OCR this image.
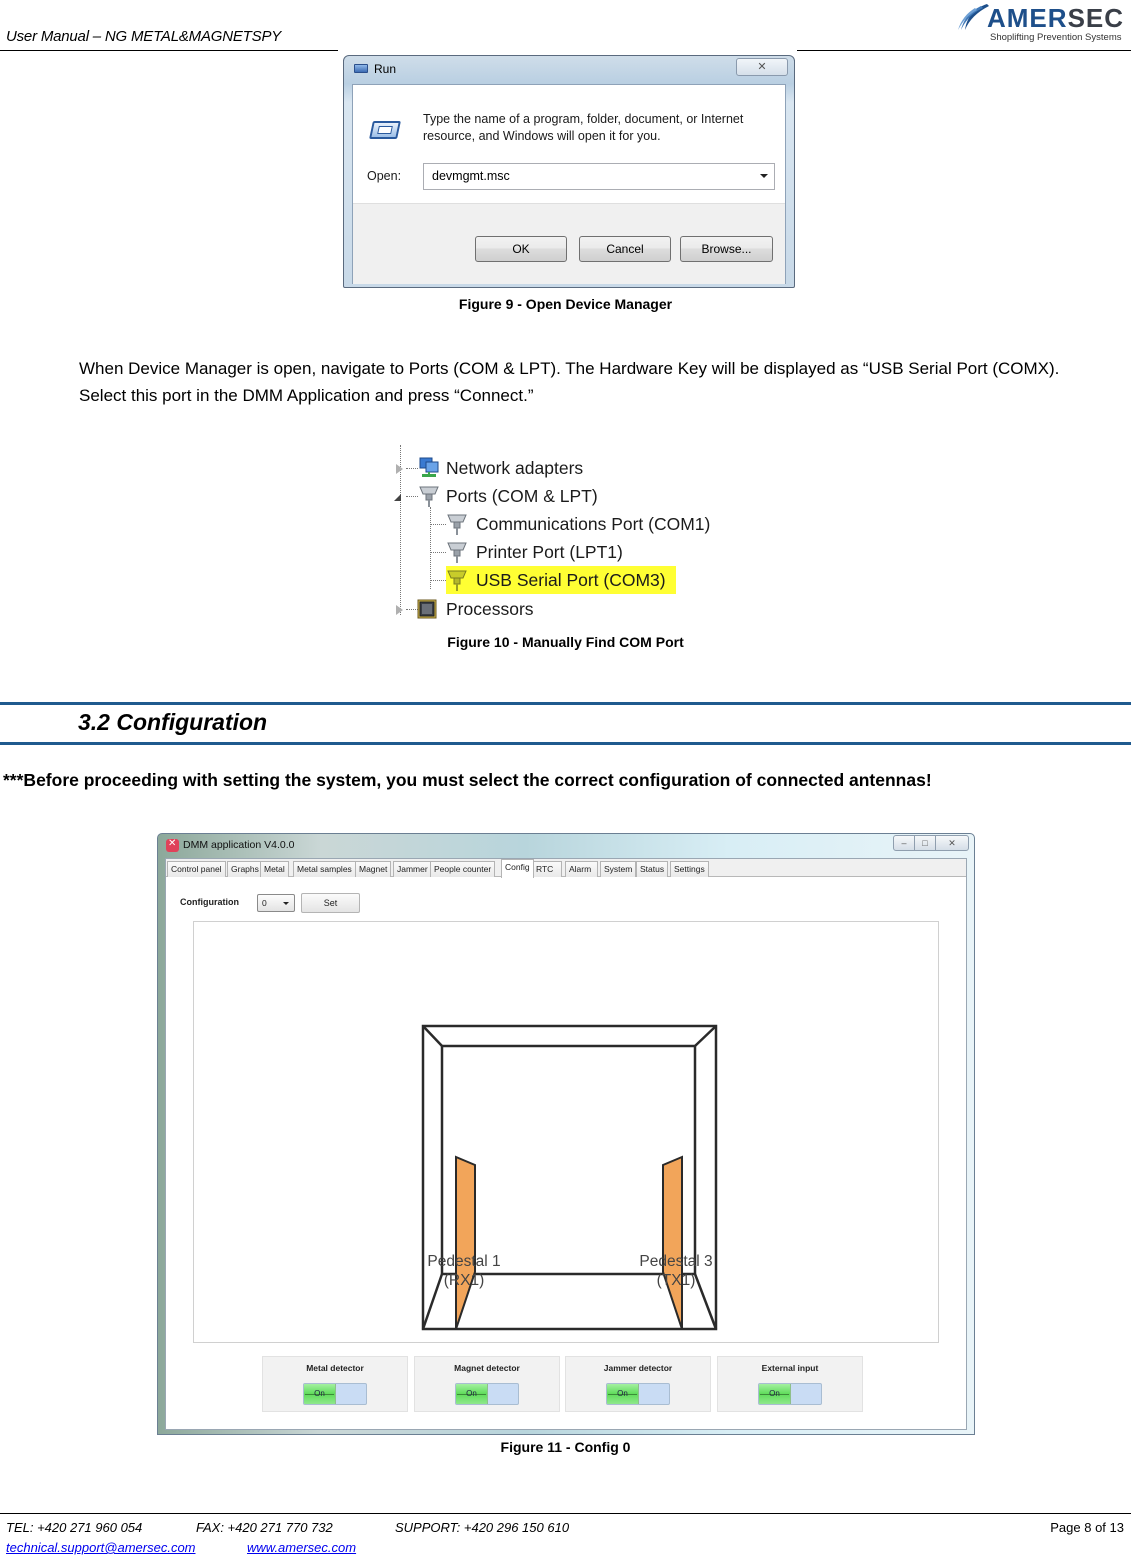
User Manual – NG METAL&MAGNETSPY
AMERSEC
Shoplifting Prevention Systems
Run	✕
Type the name of a program, folder, document, or Internet resource, and Windows will open it for you.
Open:	devmgmt.msc
OK	Cancel	Browse...
Figure 9 - Open Device Manager
When Device Manager is open, navigate to Ports (COM & LPT). The Hardware Key will be displayed as “USB Serial Port (COMX). Select this port in the DMM Application and press “Connect.”
Network adapters
Ports (COM & LPT)
Communications Port (COM1)
Printer Port (LPT1)
USB Serial Port (COM3)
Processors
Figure 10 - Manually Find COM Port
3.2 Configuration
***Before proceeding with setting the system, you must select the correct configuration of connected antennas!
✕
DMM application V4.0.0	–	□	✕
Control panel	Graphs Metal	Metal samples Magnet	Jammer People counter	Config RTC	Alarm	System Status	Settings
Configuration	0	Set
Pedestal 1
(RX1)
Pedestal 3
(TX1)
Metal detector
On
Magnet detector
On
Jammer detector
On
External input
On
Figure 11 - Config 0
TEL: +420 271 960 054	FAX: +420 271 770 732	SUPPORT: +420 296 150 610	Page 8 of 13
technical.support@amersec.com	www.amersec.com
